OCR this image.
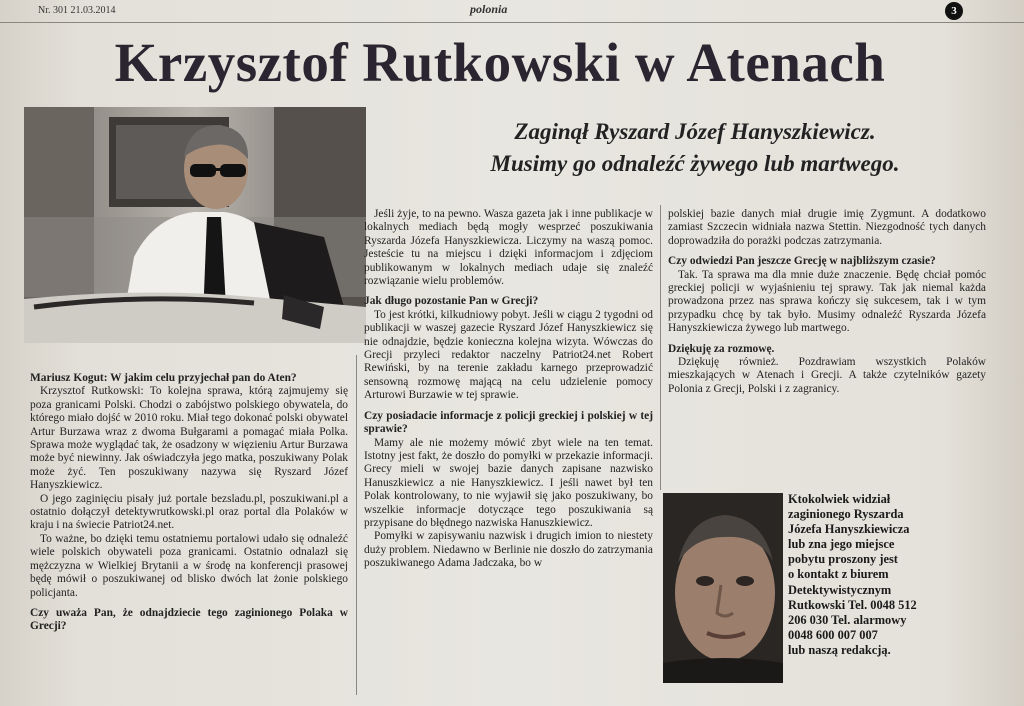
Nr. 301 21.03.2014	polonia	3
Krzysztof Rutkowski w Atenach
Zaginął Ryszard Józef Hanyszkiewicz.
Musimy go odnaleźć żywego lub martwego.

Mariusz Kogut: W jakim celu przyjechał pan do Aten?

Krzysztof Rutkowski: To kolejna sprawa, którą zajmujemy się poza granicami Polski. Chodzi o zabójstwo polskiego obywatela, do którego miało dojść w 2010 roku. Miał tego dokonać polski obywatel Artur Burzawa wraz z dwoma Bułgarami a pomagać miała Polka. Sprawa może wyglądać tak, że osadzony w więzieniu Artur Burzawa może być niewinny. Jak oświadczyła jego matka, poszukiwany Polak może żyć. Ten poszukiwany nazywa się Ryszard Józef Hanyszkiewicz.

O jego zaginięciu pisały już portale bezsladu.pl, poszukiwani.pl a ostatnio dołączył detektywrutkowski.pl oraz portal dla Polaków w kraju i na świecie Patriot24.net.

To ważne, bo dzięki temu ostatniemu portalowi udało się odnaleźć wiele polskich obywateli poza granicami. Ostatnio odnalazł się mężczyzna w Wielkiej Brytanii a w środę na konferencji prasowej będę mówił o poszukiwanej od blisko dwóch lat żonie polskiego policjanta.

Czy uważa Pan, że odnajdziecie tego zaginionego Polaka w Grecji?

Jeśli żyje, to na pewno. Wasza gazeta jak i inne publikacje w lokalnych mediach będą mogły wesprzeć poszukiwania Ryszarda Józefa Hanyszkiewicza. Liczymy na waszą pomoc. Jesteście tu na miejscu i dzięki informacjom i zdjęciom publikowanym w lokalnych mediach udaje się znaleźć rozwiązanie wielu problemów.

Jak długo pozostanie Pan w Grecji?

To jest krótki, kilkudniowy pobyt. Jeśli w ciągu 2 tygodni od publikacji w waszej gazecie Ryszard Józef Hanyszkiewicz się nie odnajdzie, będzie konieczna kolejna wizyta. Wówczas do Grecji przyleci redaktor naczelny Patriot24.net Robert Rewiński, by na terenie zakładu karnego przeprowadzić sensowną rozmowę mającą na celu udzielenie pomocy Arturowi Burzawie w tej sprawie.

Czy posiadacie informacje z policji greckiej i polskiej w tej sprawie?

Mamy ale nie możemy mówić zbyt wiele na ten temat. Istotny jest fakt, że doszło do pomyłki w przekazie informacji. Grecy mieli w swojej bazie danych zapisane nazwisko Hanuszkiewicz a nie Hanyszkiewicz. I jeśli nawet był ten Polak kontrolowany, to nie wyjawił się jako poszukiwany, bo wszelkie informacje dotyczące tego poszukiwania są przypisane do błędnego nazwiska Hanuszkiewicz.

Pomyłki w zapisywaniu nazwisk i drugich imion to niestety duży problem. Niedawno w Berlinie nie doszło do zatrzymania poszukiwanego Adama Jadczaka, bo w

polskiej bazie danych miał drugie imię Zygmunt. A dodatkowo zamiast Szczecin widniała nazwa Stettin. Niezgodność tych danych doprowadziła do porażki podczas zatrzymania.

Czy odwiedzi Pan jeszcze Grecję w najbliższym czasie?

Tak. Ta sprawa ma dla mnie duże znaczenie. Będę chciał pomóc greckiej policji w wyjaśnieniu tej sprawy. Tak jak niemal każda prowadzona przez nas sprawa kończy się sukcesem, tak i w tym przypadku chcę by tak było. Musimy odnaleźć Ryszarda Józefa Hanyszkiewicza żywego lub martwego.

Dziękuję za rozmowę.

Dziękuję również. Pozdrawiam wszystkich Polaków mieszkających w Atenach i Grecji. A także czytelników gazety Polonia z Grecji, Polski i z zagranicy.

Ktokolwiek widział
zaginionego Ryszarda
Józefa Hanyszkiewicza
lub zna jego miejsce
pobytu proszony jest
o kontakt z biurem
Detektywistycznym
Rutkowski Tel. 0048 512
206 030 Tel. alarmowy
0048 600 007 007
lub naszą redakcją.
